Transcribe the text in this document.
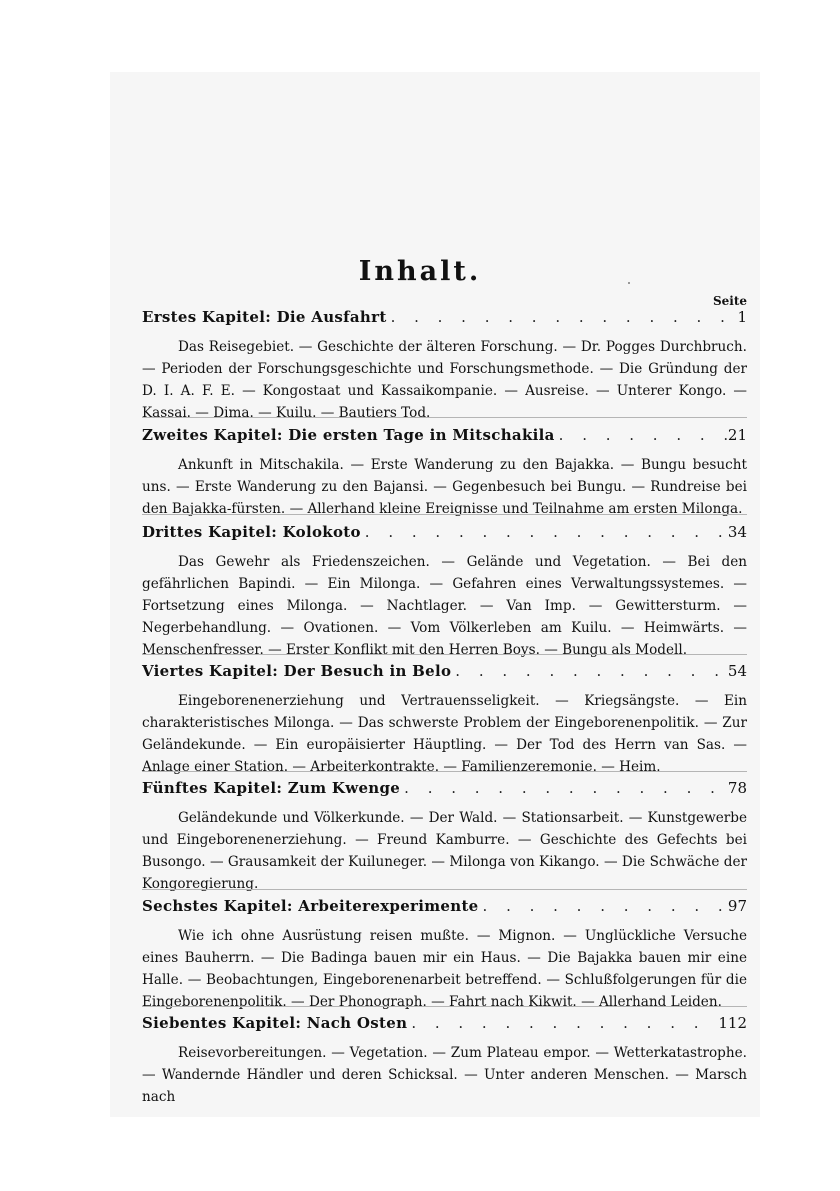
Inhalt.
Seite
Erstes Kapitel: Die Ausfahrt . . .	1

Das Reisegebiet. — Geschichte der älteren Forschung. — Dr. Pogges Durchbruch. — Perioden der Forschungsgeschichte und Forschungsmethode. — Die Gründung der D. I. A. F. E. — Kongostaat und Kassaikompanie. — Ausreise. — Unterer Kongo. — Kassai. — Dima. — Kuilu. — Bautiers Tod.

Zweites Kapitel: Die ersten Tage in Mitschakila . . .	21

Ankunft in Mitschakila. — Erste Wanderung zu den Bajakka. — Bungu besucht uns. — Erste Wanderung zu den Bajansi. — Gegenbesuch bei Bungu. — Rundreise bei den Bajakka-fürsten. — Allerhand kleine Ereignisse und Teilnahme am ersten Milonga.

Drittes Kapitel: Kolokoto . . .	34

Das Gewehr als Friedenszeichen. — Gelände und Vegetation. — Bei den gefährlichen Bapindi. — Ein Milonga. — Gefahren eines Verwaltungssystemes. — Fortsetzung eines Milonga. — Nachtlager. — Van Imp. — Gewittersturm. — Negerbehandlung. — Ovationen. — Vom Völkerleben am Kuilu. — Heimwärts. — Menschenfresser. — Erster Konflikt mit den Herren Boys. — Bungu als Modell.

Viertes Kapitel: Der Besuch in Belo . . .	54

Eingeborenenerziehung und Vertrauensseligkeit. — Kriegsängste. — Ein charakteristisches Milonga. — Das schwerste Problem der Eingeborenenpolitik. — Zur Geländekunde. — Ein europäisierter Häuptling. — Der Tod des Herrn van Sas. — Anlage einer Station. — Arbeiterkontrakte. — Familienzeremonie. — Heim.

Fünftes Kapitel: Zum Kwenge . . .	78

Geländekunde und Völkerkunde. — Der Wald. — Stationsarbeit. — Kunstgewerbe und Eingeborenenerziehung. — Freund Kamburre. — Geschichte des Gefechts bei Busongo. — Grausamkeit der Kuiluneger. — Milonga von Kikango. — Die Schwäche der Kongoregierung.

Sechstes Kapitel: Arbeiterexperimente . . .	97

Wie ich ohne Ausrüstung reisen mußte. — Mignon. — Unglückliche Versuche eines Bauherrn. — Die Badinga bauen mir ein Haus. — Die Bajakka bauen mir eine Halle. — Beobachtungen, Eingeborenenarbeit betreffend. — Schlußfolgerungen für die Eingeborenenpolitik. — Der Phonograph. — Fahrt nach Kikwit. — Allerhand Leiden.

Siebentes Kapitel: Nach Osten . . .	112

Reisevorbereitungen. — Vegetation. — Zum Plateau empor. — Wetterkatastrophe. — Wandernde Händler und deren Schicksal. — Unter anderen Menschen. — Marsch nach
